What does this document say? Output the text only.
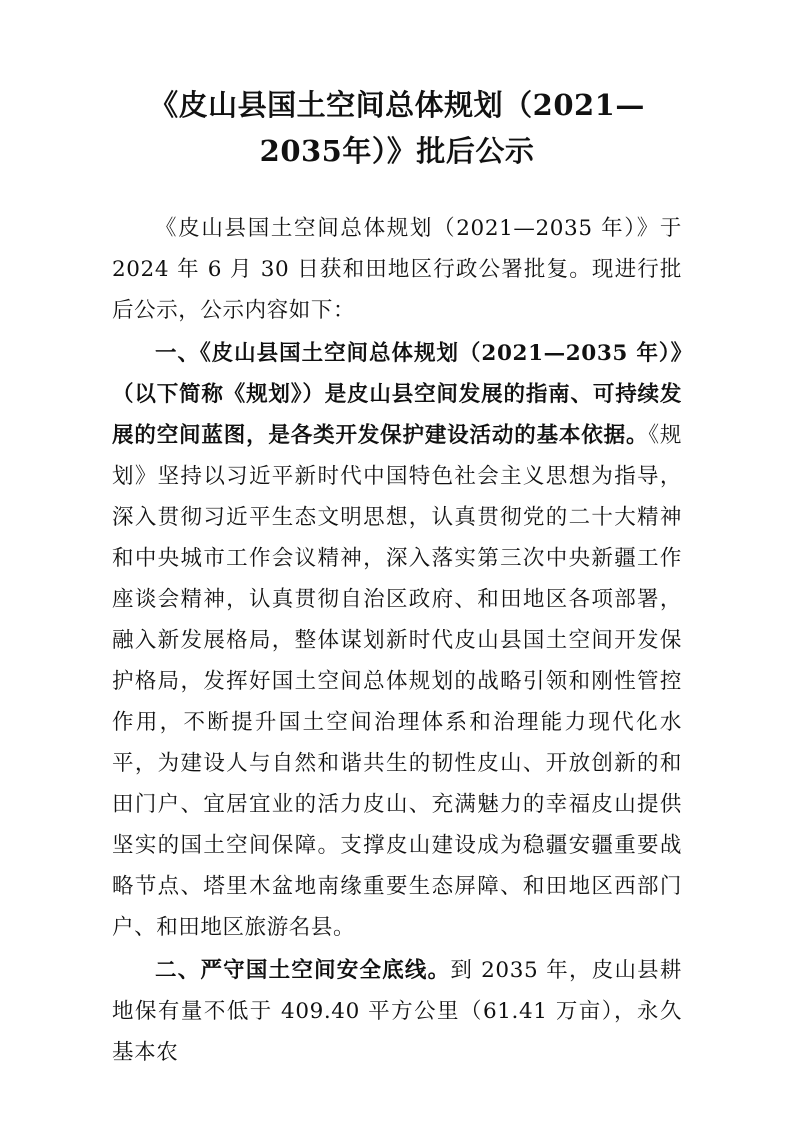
《皮山县国土空间总体规划（2021—2035年）》批后公示

《皮山县国土空间总体规划（2021—2035 年）》于 2024 年 6 月 30 日获和田地区行政公署批复。现进行批后公示，公示内容如下：

一、《皮山县国土空间总体规划（2021—2035 年）》（以下简称《规划》）是皮山县空间发展的指南、可持续发展的空间蓝图，是各类开发保护建设活动的基本依据。《规划》坚持以习近平新时代中国特色社会主义思想为指导，深入贯彻习近平生态文明思想，认真贯彻党的二十大精神和中央城市工作会议精神，深入落实第三次中央新疆工作座谈会精神，认真贯彻自治区政府、和田地区各项部署，融入新发展格局，整体谋划新时代皮山县国土空间开发保护格局，发挥好国土空间总体规划的战略引领和刚性管控作用，不断提升国土空间治理体系和治理能力现代化水平，为建设人与自然和谐共生的韧性皮山、开放创新的和田门户、宜居宜业的活力皮山、充满魅力的幸福皮山提供坚实的国土空间保障。支撑皮山建设成为稳疆安疆重要战略节点、塔里木盆地南缘重要生态屏障、和田地区西部门户、和田地区旅游名县。

二、严守国土空间安全底线。到 2035 年，皮山县耕地保有量不低于 409.40 平方公里（61.41 万亩），永久基本农
